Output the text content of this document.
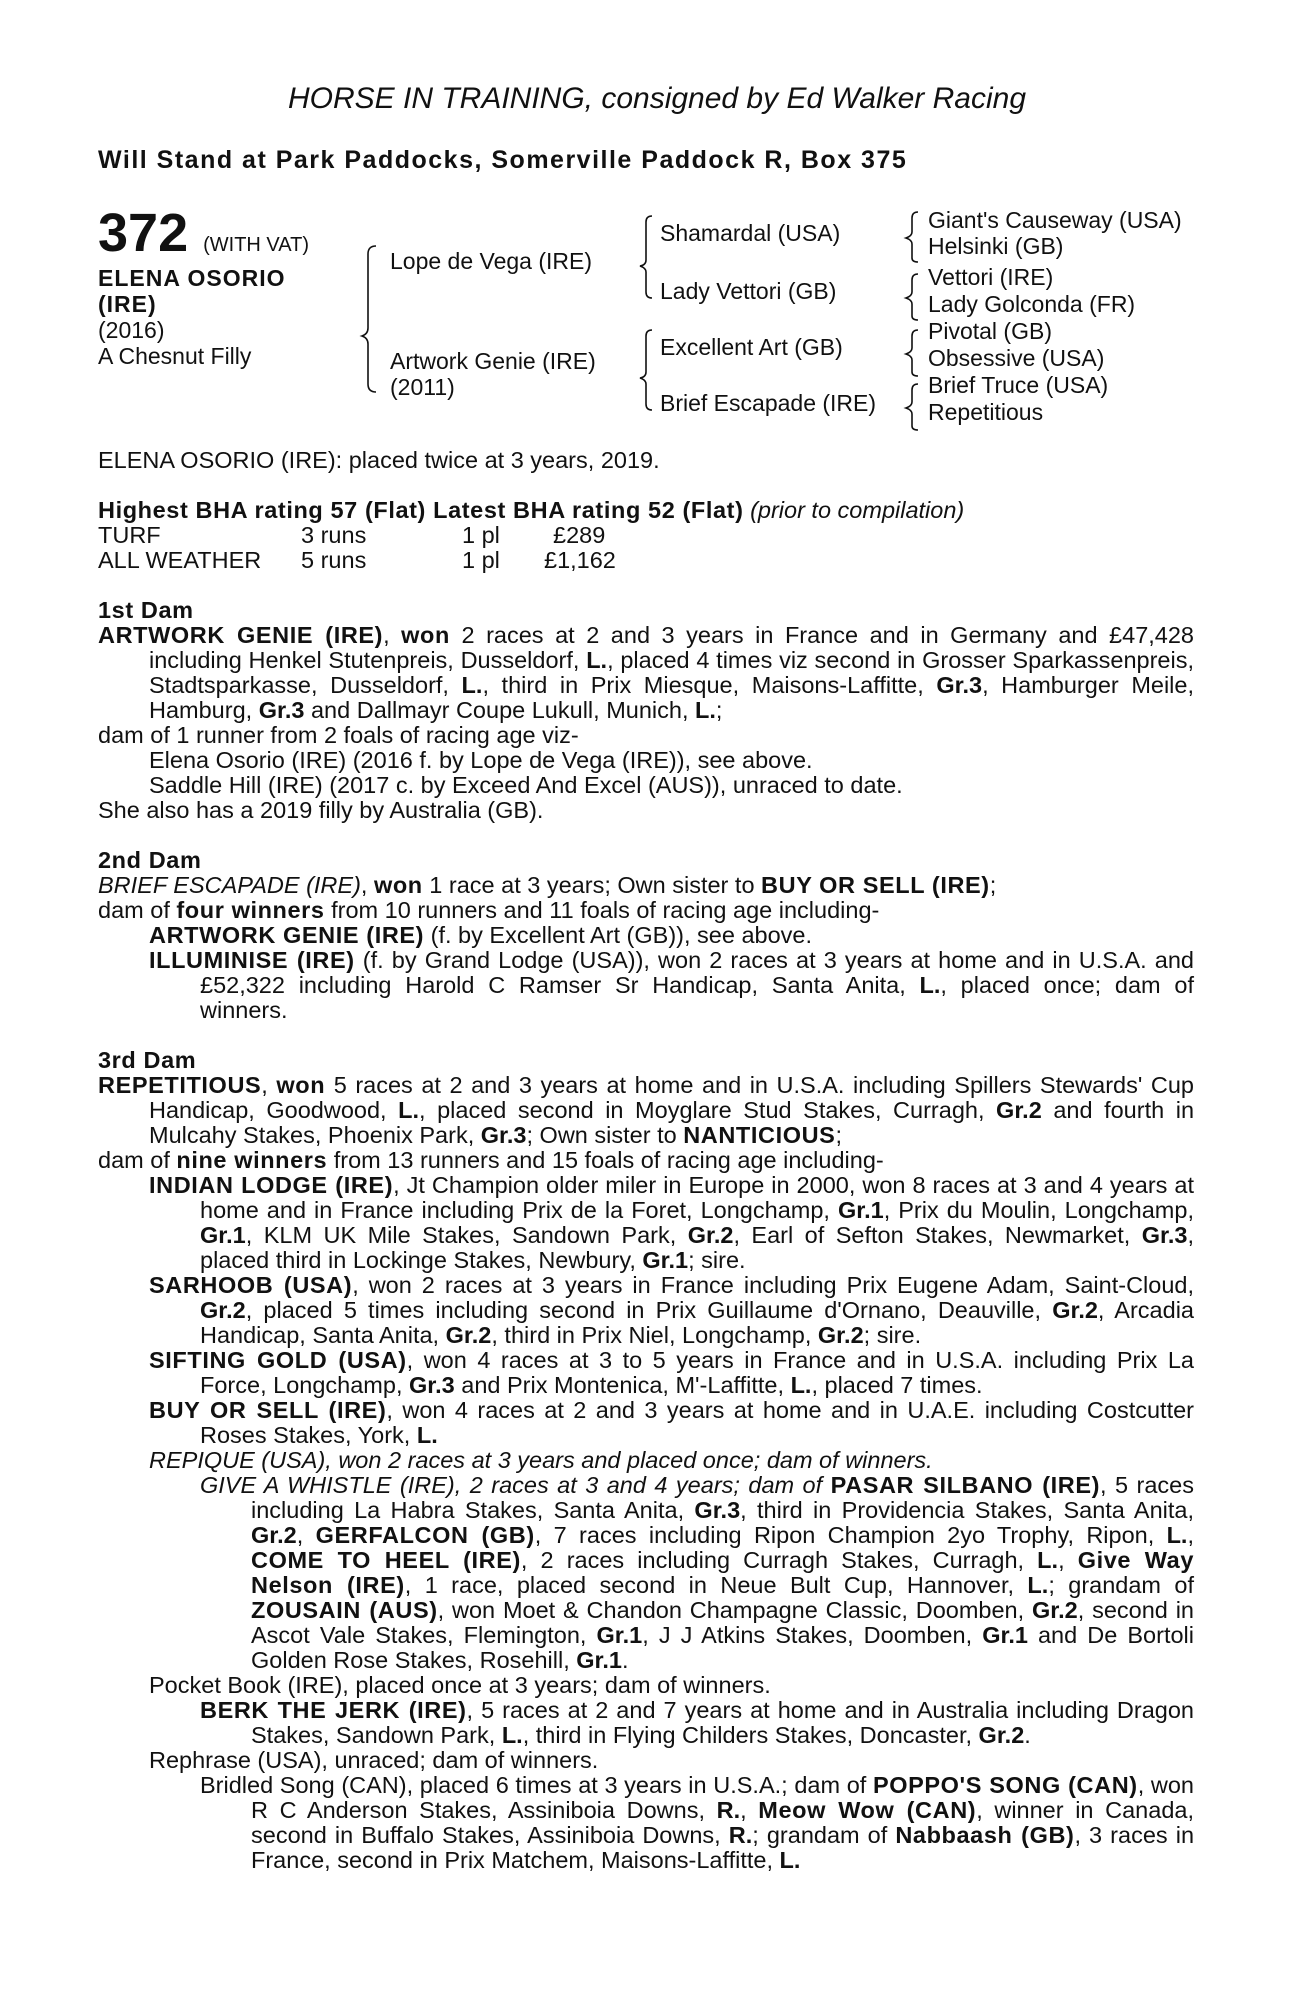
HORSE IN TRAINING, consigned by Ed Walker Racing
Will Stand at Park Paddocks, Somerville Paddock R, Box 375
372 (WITH VAT)
ELENA OSORIO
(IRE)
(2016)
A Chesnut Filly
Lope de Vega (IRE)
Artwork Genie (IRE)
(2011)
Shamardal (USA)
Lady Vettori (GB)
Excellent Art (GB)
Brief Escapade (IRE)
Giant's Causeway (USA)
Helsinki (GB)
Vettori (IRE)
Lady Golconda (FR)
Pivotal (GB)
Obsessive (USA)
Brief Truce (USA)
Repetitious

ELENA OSORIO (IRE): placed twice at 3 years, 2019.

Highest BHA rating 57 (Flat) Latest BHA rating 52 (Flat) (prior to compilation)

TURF	3 runs	1 pl £289
ALL WEATHER 5 runs	1 pl £1,162

1st Dam

ARTWORK GENIE (IRE), won 2 races at 2 and 3 years in France and in Germany and £47,428 including Henkel Stutenpreis, Dusseldorf, L., placed 4 times viz second in Grosser Sparkassenpreis, Stadtsparkasse, Dusseldorf, L., third in Prix Miesque, Maisons-Laffitte, Gr.3, Hamburger Meile, Hamburg, Gr.3 and Dallmayr Coupe Lukull, Munich, L.;

dam of 1 runner from 2 foals of racing age viz-

Elena Osorio (IRE) (2016 f. by Lope de Vega (IRE)), see above.

Saddle Hill (IRE) (2017 c. by Exceed And Excel (AUS)), unraced to date.

She also has a 2019 filly by Australia (GB).

2nd Dam

BRIEF ESCAPADE (IRE), won 1 race at 3 years; Own sister to BUY OR SELL (IRE);

dam of four winners from 10 runners and 11 foals of racing age including-

ARTWORK GENIE (IRE) (f. by Excellent Art (GB)), see above.

ILLUMINISE (IRE) (f. by Grand Lodge (USA)), won 2 races at 3 years at home and in U.S.A. and £52,322 including Harold C Ramser Sr Handicap, Santa Anita, L., placed once; dam of winners.

3rd Dam

REPETITIOUS, won 5 races at 2 and 3 years at home and in U.S.A. including Spillers Stewards' Cup Handicap, Goodwood, L., placed second in Moyglare Stud Stakes, Curragh, Gr.2 and fourth in Mulcahy Stakes, Phoenix Park, Gr.3; Own sister to NANTICIOUS;

dam of nine winners from 13 runners and 15 foals of racing age including-

INDIAN LODGE (IRE), Jt Champion older miler in Europe in 2000, won 8 races at 3 and 4 years at home and in France including Prix de la Foret, Longchamp, Gr.1, Prix du Moulin, Longchamp, Gr.1, KLM UK Mile Stakes, Sandown Park, Gr.2, Earl of Sefton Stakes, Newmarket, Gr.3, placed third in Lockinge Stakes, Newbury, Gr.1; sire.

SARHOOB (USA), won 2 races at 3 years in France including Prix Eugene Adam, Saint-Cloud, Gr.2, placed 5 times including second in Prix Guillaume d'Ornano, Deauville, Gr.2, Arcadia Handicap, Santa Anita, Gr.2, third in Prix Niel, Longchamp, Gr.2; sire.

SIFTING GOLD (USA), won 4 races at 3 to 5 years in France and in U.S.A. including Prix La Force, Longchamp, Gr.3 and Prix Montenica, M'-Laffitte, L., placed 7 times.

BUY OR SELL (IRE), won 4 races at 2 and 3 years at home and in U.A.E. including Costcutter Roses Stakes, York, L.

REPIQUE (USA), won 2 races at 3 years and placed once; dam of winners.

GIVE A WHISTLE (IRE), 2 races at 3 and 4 years; dam of PASAR SILBANO (IRE), 5 races including La Habra Stakes, Santa Anita, Gr.3, third in Providencia Stakes, Santa Anita, Gr.2, GERFALCON (GB), 7 races including Ripon Champion 2yo Trophy, Ripon, L., COME TO HEEL (IRE), 2 races including Curragh Stakes, Curragh, L., Give Way Nelson (IRE), 1 race, placed second in Neue Bult Cup, Hannover, L.; grandam of ZOUSAIN (AUS), won Moet & Chandon Champagne Classic, Doomben, Gr.2, second in Ascot Vale Stakes, Flemington, Gr.1, J J Atkins Stakes, Doomben, Gr.1 and De Bortoli Golden Rose Stakes, Rosehill, Gr.1.

Pocket Book (IRE), placed once at 3 years; dam of winners.

BERK THE JERK (IRE), 5 races at 2 and 7 years at home and in Australia including Dragon Stakes, Sandown Park, L., third in Flying Childers Stakes, Doncaster, Gr.2.

Rephrase (USA), unraced; dam of winners.

Bridled Song (CAN), placed 6 times at 3 years in U.S.A.; dam of POPPO'S SONG (CAN), won R C Anderson Stakes, Assiniboia Downs, R., Meow Wow (CAN), winner in Canada, second in Buffalo Stakes, Assiniboia Downs, R.; grandam of Nabbaash (GB), 3 races in France, second in Prix Matchem, Maisons-Laffitte, L.
